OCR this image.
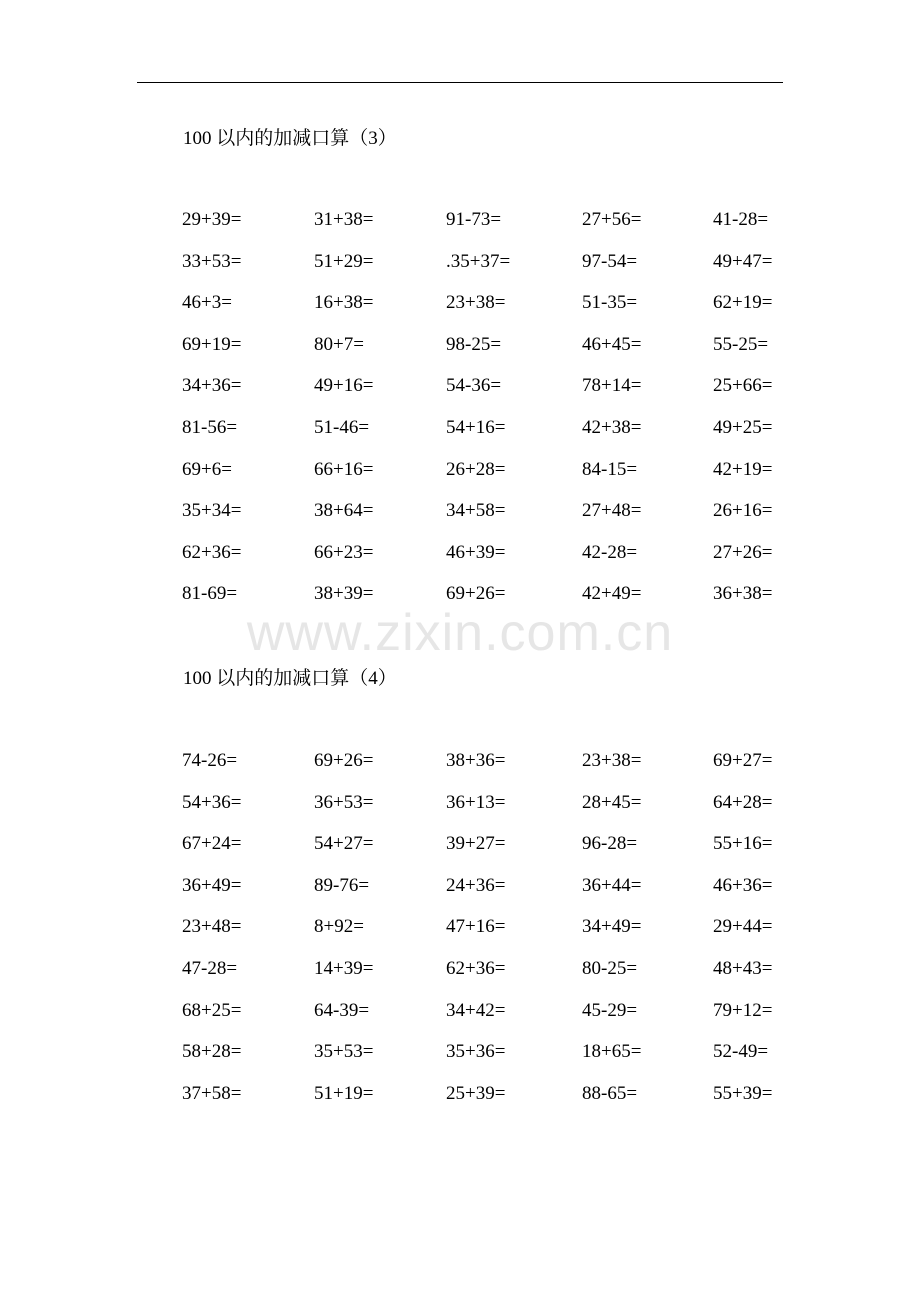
100 以内的加减口算（3）
29+39=	31+38=	91-73=	27+56=	41-28=
33+53=	51+29=	.35+37=	97-54=	49+47=
46+3=	16+38=	23+38=	51-35=	62+19=
69+19=	80+7=	98-25=	46+45=	55-25=
34+36=	49+16=	54-36=	78+14=	25+66=
81-56=	51-46=	54+16=	42+38=	49+25=
69+6=	66+16=	26+28=	84-15=	42+19=
35+34=	38+64=	34+58=	27+48=	26+16=
62+36=	66+23=	46+39=	42-28=	27+26=
81-69=	38+39=	69+26=	42+49=	36+38=
www.zixin.com.cn
100 以内的加减口算（4）
74-26=	69+26=	38+36=	23+38=	69+27=
54+36=	36+53=	36+13=	28+45=	64+28=
67+24=	54+27=	39+27=	96-28=	55+16=
36+49=	89-76=	24+36=	36+44=	46+36=
23+48=	8+92=	47+16=	34+49=	29+44=
47-28=	14+39=	62+36=	80-25=	48+43=
68+25=	64-39=	34+42=	45-29=	79+12=
58+28=	35+53=	35+36=	18+65=	52-49=
37+58=	51+19=	25+39=	88-65=	55+39=
